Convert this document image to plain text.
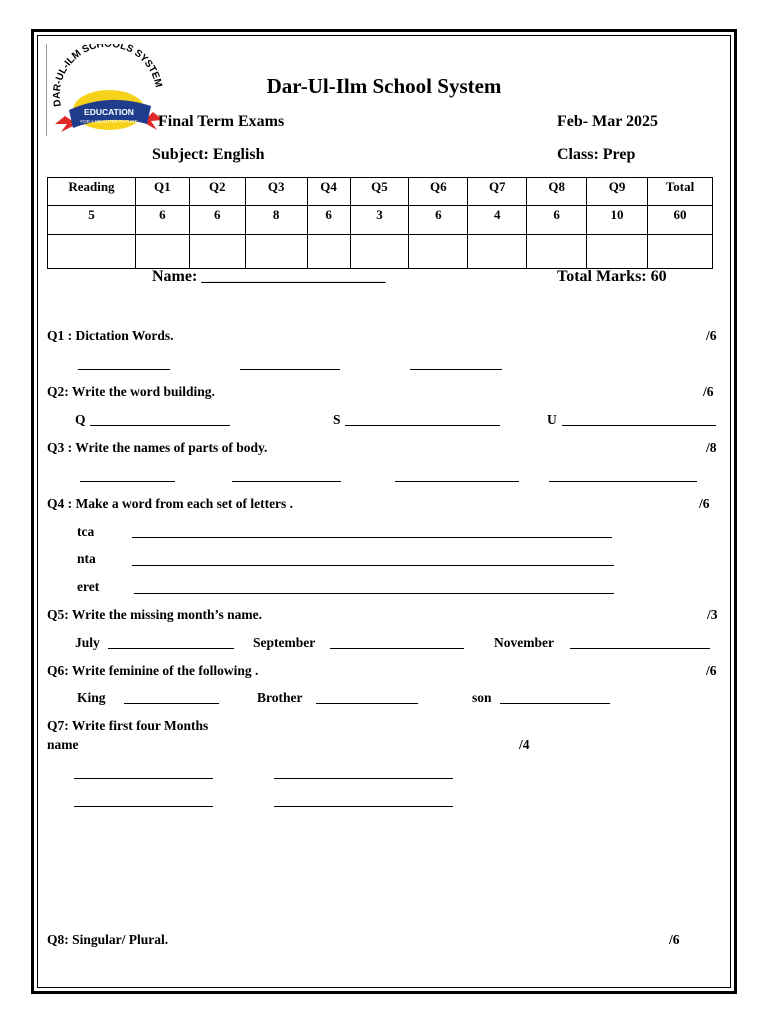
DAR-UL-ILM SCHOOLS SYSTEM
EDUCATION
FOR A BRIGHTER FUTURE
Dar-Ul-Ilm School System
Final Term Exams	Feb- Mar 2025
Subject: English	Class: Prep
Reading	Q1	Q2	Q3	Q4	Q5	Q6	Q7	Q8	Q9	Total
5	6	6	8	6	3	6	4	6	10	60

Name: _______________________	Total Marks: 60
Q1 : Dictation Words.	/6
Q2: Write the word building.	/6
Q	S	U
Q3 : Write the names of parts of body.	/8
Q4 : Make a word from each set of letters .	/6
tca
nta
eret
Q5: Write the missing month’s name.	/3
July	September	November
Q6: Write feminine of the following .	/6
King	Brother	son
Q7: Write first four Months
name	/4
Q8: Singular/ Plural.	/6
